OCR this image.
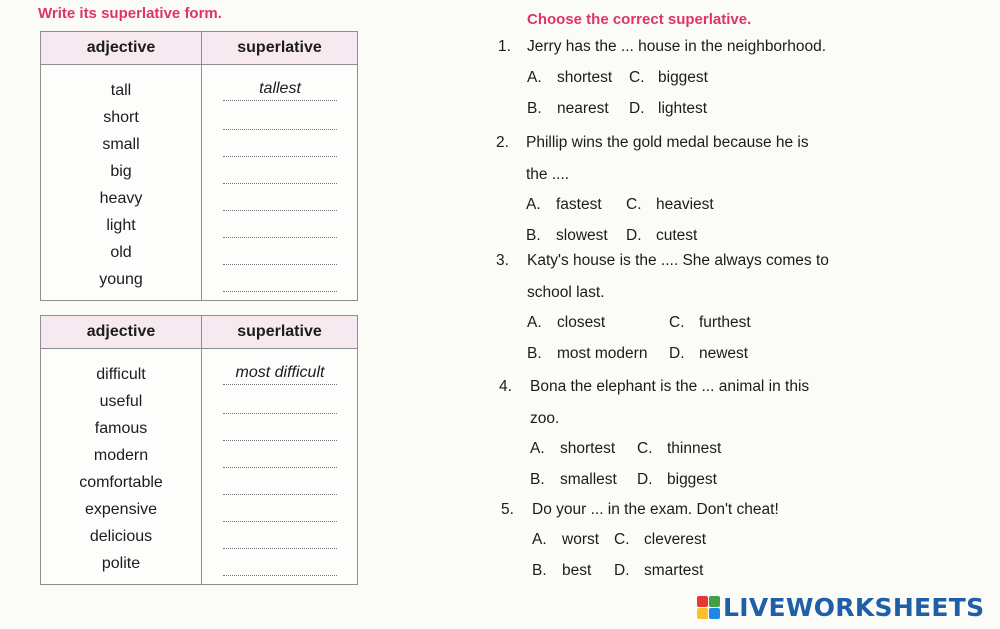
Write its superlative form.	Choose the correct superlative.
adjective	superlative
tall	tallest
short
small
big
heavy
light
old
young
adjective	superlative
difficult	most difficult
useful
famous
modern
comfortable
expensive
delicious
polite
1. Jerry has the ... house in the neighborhood.
A. shortest C. biggest
B. nearest D. lightest
2. Phillip wins the gold medal because he is
the ....
A. fastest C. heaviest
B. slowest D. cutest
3. Katy's house is the .... She always comes to
school last.
A. closest	C. furthest
B. most modern D. newest
4. Bona the elephant is the ... animal in this
zoo.
A. shortest C. thinnest
B. smallest D. biggest
5. Do your ... in the exam. Don't cheat!
A. worst C. cleverest
B. best D. smartest
LIVEWORKSHEETS
